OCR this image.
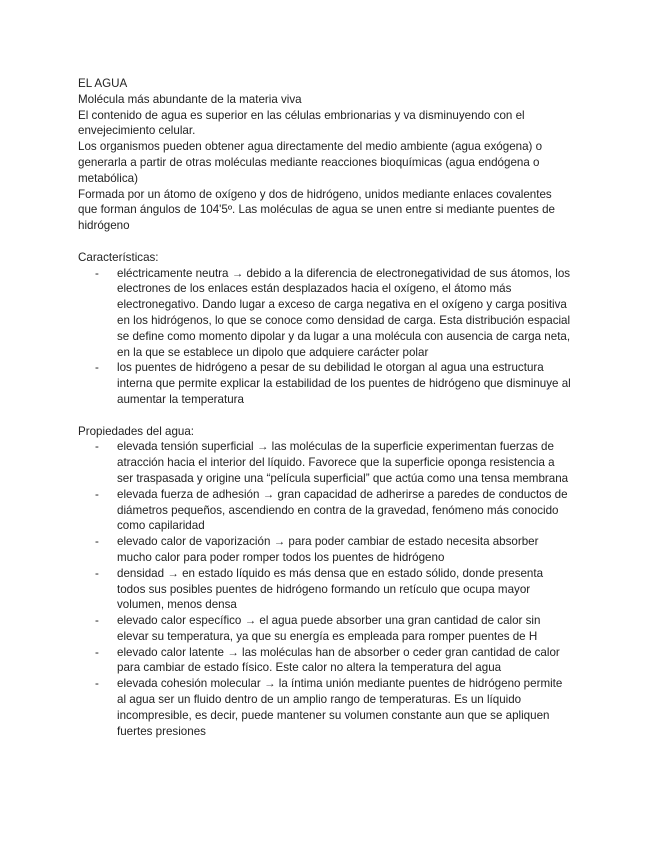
EL AGUA
Molécula más abundante de la materia viva
El contenido de agua es superior en las células embrionarias y va disminuyendo con el
envejecimiento celular.
Los organismos pueden obtener agua directamente del medio ambiente (agua exógena) o
generarla a partir de otras moléculas mediante reacciones bioquímicas (agua endógena o
metabólica)
Formada por un átomo de oxígeno y dos de hidrógeno, unidos mediante enlaces covalentes
que forman ángulos de 104'5º. Las moléculas de agua se unen entre si mediante puentes de
hidrógeno
Características:
- eléctricamente neutra → debido a la diferencia de electronegatividad de sus átomos, los
electrones de los enlaces están desplazados hacia el oxígeno, el átomo más
electronegativo. Dando lugar a exceso de carga negativa en el oxígeno y carga positiva
en los hidrógenos, lo que se conoce como densidad de carga. Esta distribución espacial
se define como momento dipolar y da lugar a una molécula con ausencia de carga neta,
en la que se establece un dipolo que adquiere carácter polar
- los puentes de hidrógeno a pesar de su debilidad le otorgan al agua una estructura
interna que permite explicar la estabilidad de los puentes de hidrógeno que disminuye al
aumentar la temperatura
Propiedades del agua:
- elevada tensión superficial → las moléculas de la superficie experimentan fuerzas de
atracción hacia el interior del líquido. Favorece que la superficie oponga resistencia a
ser traspasada y origine una “película superficial” que actúa como una tensa membrana
- elevada fuerza de adhesión → gran capacidad de adherirse a paredes de conductos de
diámetros pequeños, ascendiendo en contra de la gravedad, fenómeno más conocido
como capilaridad
- elevado calor de vaporización → para poder cambiar de estado necesita absorber
mucho calor para poder romper todos los puentes de hidrógeno
- densidad → en estado líquido es más densa que en estado sólido, donde presenta
todos sus posibles puentes de hidrógeno formando un retículo que ocupa mayor
volumen, menos densa
- elevado calor específico → el agua puede absorber una gran cantidad de calor sin
elevar su temperatura, ya que su energía es empleada para romper puentes de H
- elevado calor latente → las moléculas han de absorber o ceder gran cantidad de calor
para cambiar de estado físico. Este calor no altera la temperatura del agua
- elevada cohesión molecular → la íntima unión mediante puentes de hidrógeno permite
al agua ser un fluido dentro de un amplio rango de temperaturas. Es un líquido
incompresible, es decir, puede mantener su volumen constante aun que se apliquen
fuertes presiones
